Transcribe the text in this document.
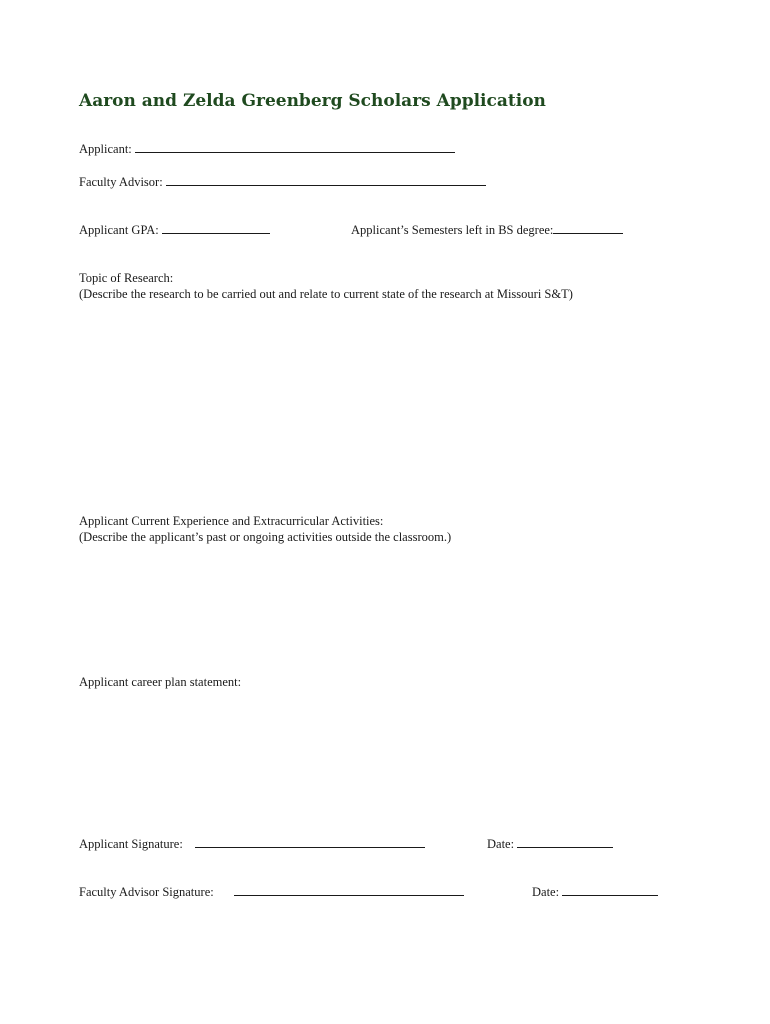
Aaron and Zelda Greenberg Scholars Application
Applicant:
Faculty Advisor:
Applicant GPA:	Applicant’s Semesters left in BS degree:
Topic of Research:
(Describe the research to be carried out and relate to current state of the research at Missouri S&T)
Applicant Current Experience and Extracurricular Activities:
(Describe the applicant’s past or ongoing activities outside the classroom.)
Applicant career plan statement:
Applicant Signature:	Date:
Faculty Advisor Signature:	Date:
